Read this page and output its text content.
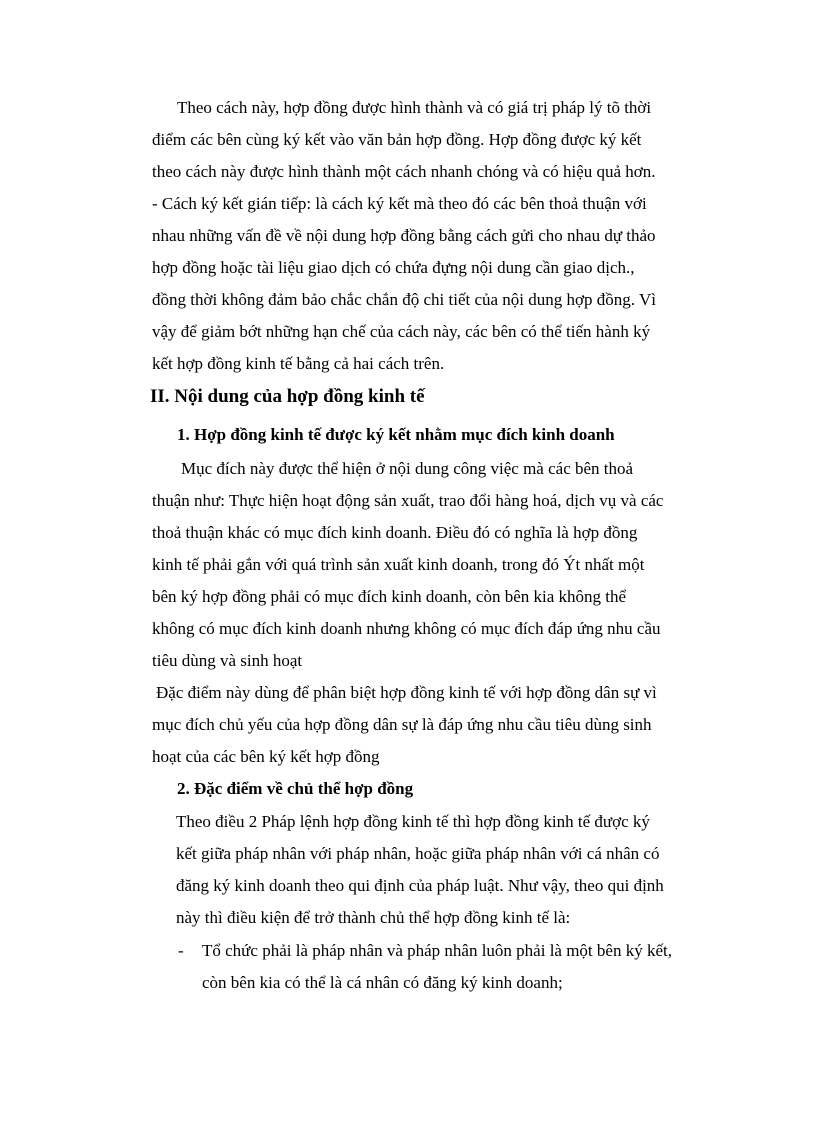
Theo cách này, hợp đồng được hình thành và có giá trị pháp lý tõ thời
điểm các bên cùng ký kết vào văn bản hợp đồng. Hợp đồng được ký kết
theo cách này được hình thành một cách nhanh chóng và có hiệu quả hơn.
- Cách ký kết gián tiếp: là cách ký kết mà theo đó các bên thoả thuận với
nhau những vấn đề về nội dung hợp đồng bằng cách gửi cho nhau dự thảo
hợp đồng hoặc tài liệu giao dịch có chứa đựng nội dung cần giao dịch.,
đồng thời không đảm bảo chắc chắn độ chi tiết của nội dung hợp đồng. Vì
vậy để giảm bớt những hạn chế của cách này, các bên có thể tiến hành ký
kết hợp đồng kinh tế bằng cả hai cách trên.
II. Nội dung của hợp đồng kinh tế
1. Hợp đồng kinh tế được ký kết nhằm mục đích kinh doanh
Mục đích này được thể hiện ở nội dung công việc mà các bên thoả
thuận như: Thực hiện hoạt động sản xuất, trao đổi hàng hoá, dịch vụ và các
thoả thuận khác có mục đích kinh doanh. Điều đó có nghĩa là hợp đồng
kinh tế phải gắn với quá trình sản xuất kinh doanh, trong đó Ýt nhất một
bên ký hợp đồng phải có mục đích kinh doanh, còn bên kia không thể
không có mục đích kinh doanh nhưng không có mục đích đáp ứng nhu cầu
tiêu dùng và sinh hoạt
Đặc điểm này dùng để phân biệt hợp đồng kinh tế với hợp đồng dân sự vì
mục đích chủ yếu của hợp đồng dân sự là đáp ứng nhu cầu tiêu dùng sinh
hoạt của các bên ký kết hợp đồng
2. Đặc điểm về chủ thể hợp đồng
Theo điều 2 Pháp lệnh hợp đồng kinh tế thì hợp đồng kinh tế được ký
kết giữa pháp nhân với pháp nhân, hoặc giữa pháp nhân với cá nhân có
đăng ký kinh doanh theo qui định của pháp luật. Như vậy, theo qui định
này thì điều kiện để trở thành chủ thể hợp đồng kinh tế là:
- Tổ chức phải là pháp nhân và pháp nhân luôn phải là một bên ký kết,
còn bên kia có thể là cá nhân có đăng ký kinh doanh;
